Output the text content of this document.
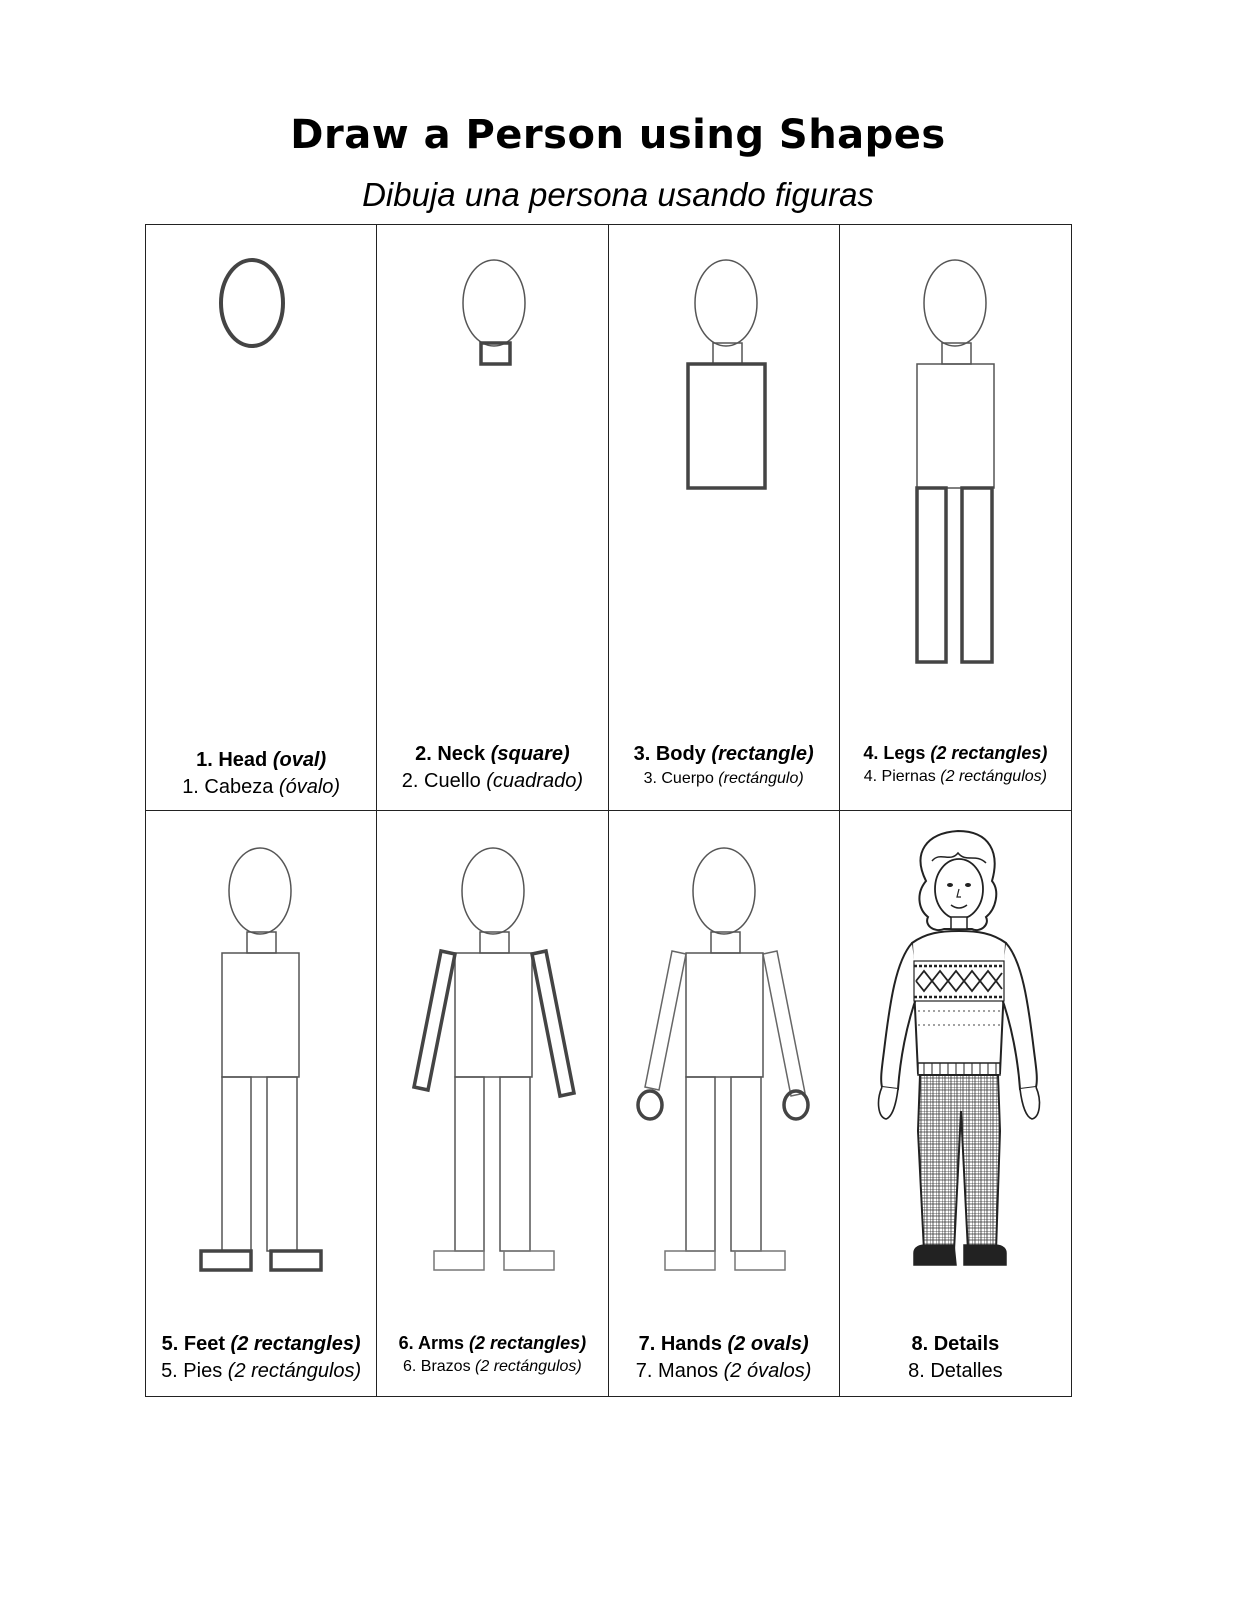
Draw a Person using Shapes
Dibuja una persona usando figuras
1. Head (oval)
1. Cabeza (óvalo)
2. Neck (square)
2. Cuello (cuadrado)
3. Body (rectangle)
3. Cuerpo (rectángulo)
4. Legs (2 rectangles)
4. Piernas (2 rectángulos)
5. Feet (2 rectangles)
5. Pies (2 rectángulos)
6. Arms (2 rectangles)
6. Brazos (2 rectángulos)
7. Hands (2 ovals)
7. Manos (2 óvalos)
8. Details
8. Detalles
